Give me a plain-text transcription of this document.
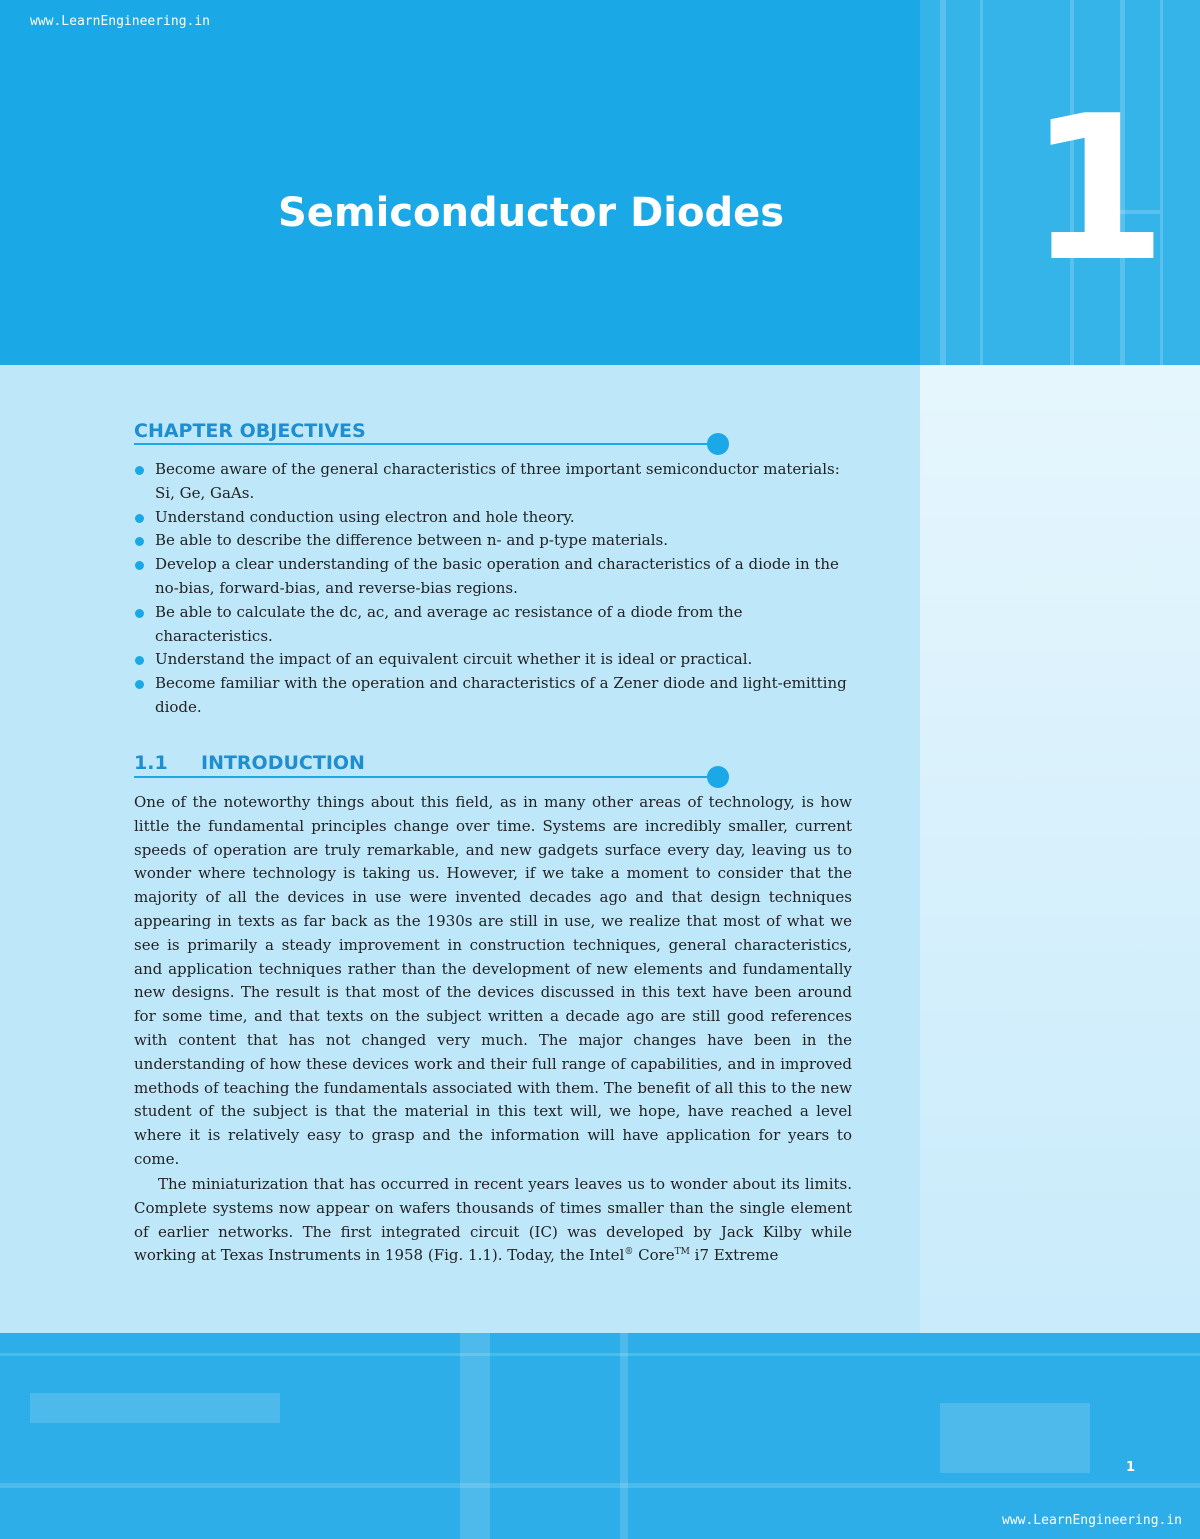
www.LearnEngineering.in
Semiconductor Diodes 1
CHAPTER OBJECTIVES
Become aware of the general characteristics of three important semiconductor materials: Si, Ge, GaAs.
Understand conduction using electron and hole theory.
Be able to describe the difference between n- and p-type materials.
Develop a clear understanding of the basic operation and characteristics of a diode in the no-bias, forward-bias, and reverse-bias regions.
Be able to calculate the dc, ac, and average ac resistance of a diode from the characteristics.
Understand the impact of an equivalent circuit whether it is ideal or practical.
Become familiar with the operation and characteristics of a Zener diode and light-emitting diode.
1.1 INTRODUCTION

One of the noteworthy things about this field, as in many other areas of technology, is how little the fundamental principles change over time. Systems are incredibly smaller, current speeds of operation are truly remarkable, and new gadgets surface every day, leaving us to wonder where technology is taking us. However, if we take a moment to consider that the majority of all the devices in use were invented decades ago and that design techniques appearing in texts as far back as the 1930s are still in use, we realize that most of what we see is primarily a steady improvement in construction techniques, general characteristics, and application techniques rather than the development of new elements and fundamentally new designs. The result is that most of the devices discussed in this text have been around for some time, and that texts on the subject written a decade ago are still good references with content that has not changed very much. The major changes have been in the understanding of how these devices work and their full range of capabilities, and in improved methods of teaching the fundamentals associated with them. The benefit of all this to the new student of the subject is that the material in this text will, we hope, have reached a level where it is relatively easy to grasp and the information will have application for years to come.

The miniaturization that has occurred in recent years leaves us to wonder about its limits. Complete systems now appear on wafers thousands of times smaller than the single element of earlier networks. The first integrated circuit (IC) was developed by Jack Kilby while working at Texas Instruments in 1958 (Fig. 1.1). Today, the Intel® Core™ i7 Extreme

1
www.LearnEngineering.in
